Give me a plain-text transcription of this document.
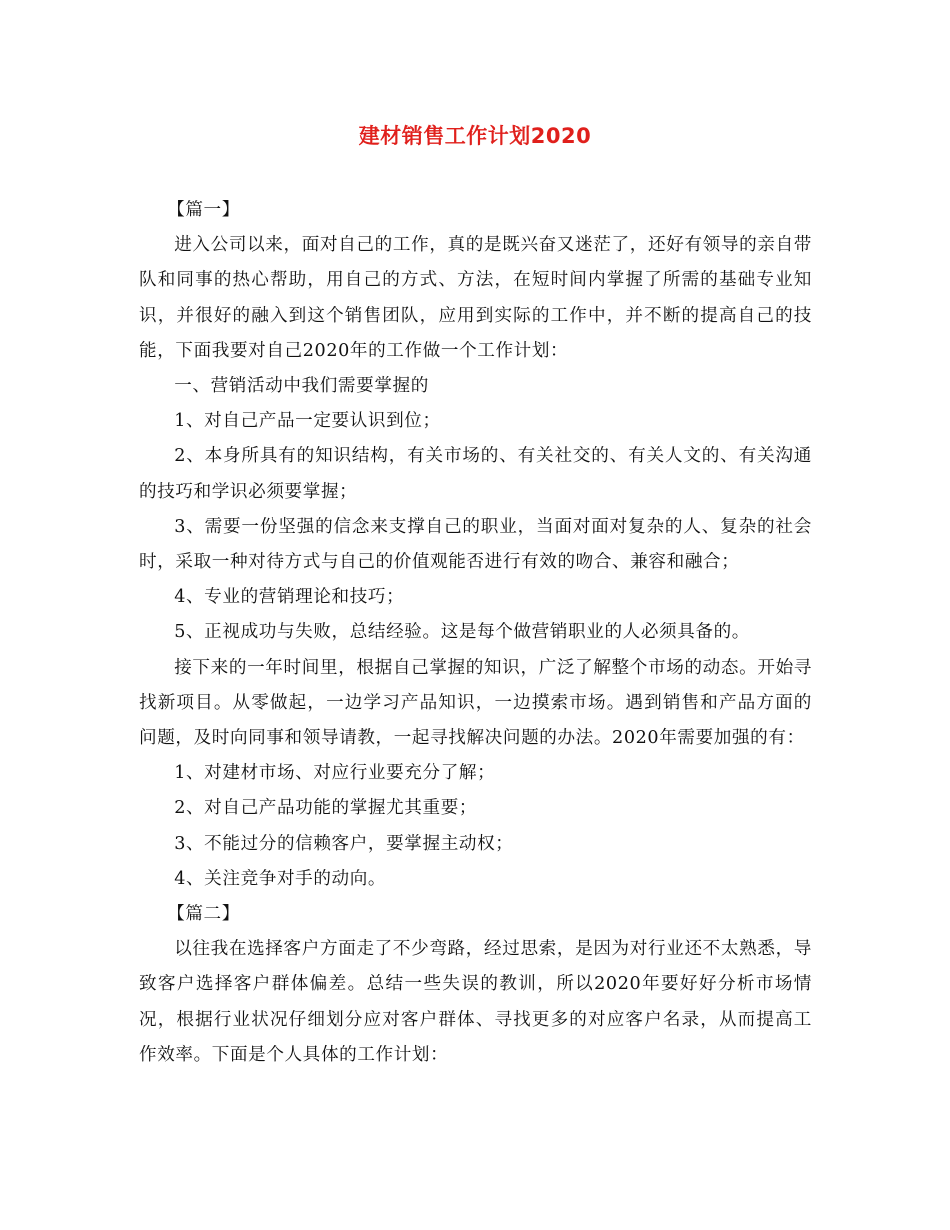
建材销售工作计划2020

【篇一】

进入公司以来，面对自己的工作，真的是既兴奋又迷茫了，还好有领导的亲自带队和同事的热心帮助，用自己的方式、方法，在短时间内掌握了所需的基础专业知识，并很好的融入到这个销售团队，应用到实际的工作中，并不断的提高自己的技能，下面我要对自己2020年的工作做一个工作计划：

一、营销活动中我们需要掌握的

1、对自己产品一定要认识到位；

2、本身所具有的知识结构，有关市场的、有关社交的、有关人文的、有关沟通的技巧和学识必须要掌握；

3、需要一份坚强的信念来支撑自己的职业，当面对面对复杂的人、复杂的社会时，采取一种对待方式与自己的价值观能否进行有效的吻合、兼容和融合；

4、专业的营销理论和技巧；

5、正视成功与失败，总结经验。这是每个做营销职业的人必须具备的。

接下来的一年时间里，根据自己掌握的知识，广泛了解整个市场的动态。开始寻找新项目。从零做起，一边学习产品知识，一边摸索市场。遇到销售和产品方面的问题，及时向同事和领导请教，一起寻找解决问题的办法。2020年需要加强的有：

1、对建材市场、对应行业要充分了解；

2、对自己产品功能的掌握尤其重要；

3、不能过分的信赖客户，要掌握主动权；

4、关注竞争对手的动向。

【篇二】

以往我在选择客户方面走了不少弯路，经过思索，是因为对行业还不太熟悉，导致客户选择客户群体偏差。总结一些失误的教训，所以2020年要好好分析市场情况，根据行业状况仔细划分应对客户群体、寻找更多的对应客户名录，从而提高工作效率。下面是个人具体的工作计划：
